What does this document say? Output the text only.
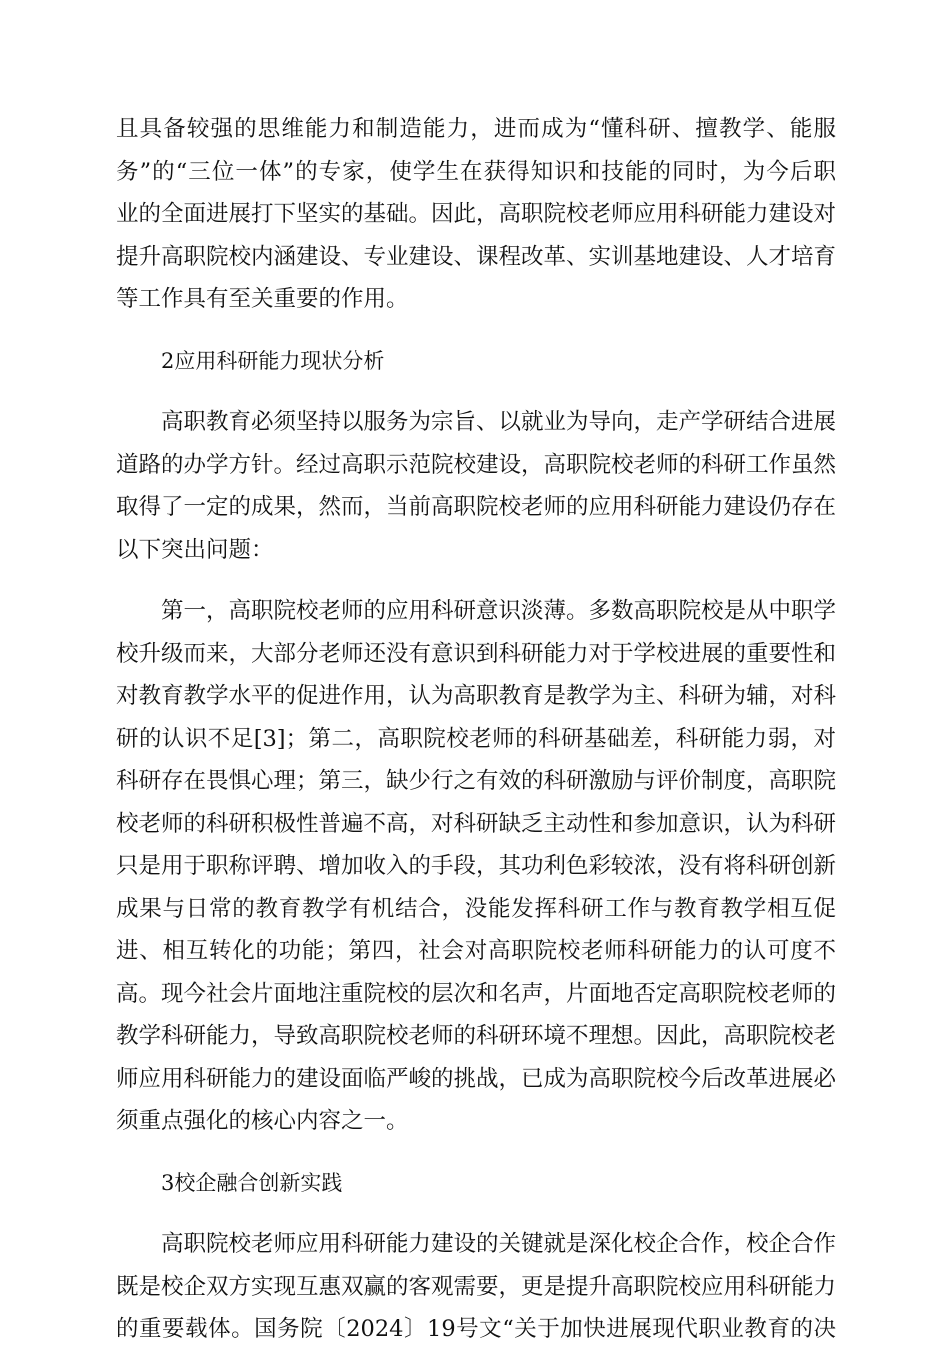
且具备较强的思维能力和制造能力，进而成为“懂科研、擅教学、能服
务”的“三位一体”的专家，使学生在获得知识和技能的同时，为今后职
业的全面进展打下坚实的基础。因此，高职院校老师应用科研能力建设对
提升高职院校内涵建设、专业建设、课程改革、实训基地建设、人才培育
等工作具有至关重要的作用。
2应用科研能力现状分析
高职教育必须坚持以服务为宗旨、以就业为导向，走产学研结合进展
道路的办学方针。经过高职示范院校建设，高职院校老师的科研工作虽然
取得了一定的成果，然而，当前高职院校老师的应用科研能力建设仍存在
以下突出问题：
第一，高职院校老师的应用科研意识淡薄。多数高职院校是从中职学
校升级而来，大部分老师还没有意识到科研能力对于学校进展的重要性和
对教育教学水平的促进作用，认为高职教育是教学为主、科研为辅，对科
研的认识不足[3]；第二，高职院校老师的科研基础差，科研能力弱，对
科研存在畏惧心理；第三，缺少行之有效的科研激励与评价制度，高职院
校老师的科研积极性普遍不高，对科研缺乏主动性和参加意识，认为科研
只是用于职称评聘、增加收入的手段，其功利色彩较浓，没有将科研创新
成果与日常的教育教学有机结合，没能发挥科研工作与教育教学相互促
进、相互转化的功能；第四，社会对高职院校老师科研能力的认可度不
高。现今社会片面地注重院校的层次和名声，片面地否定高职院校老师的
教学科研能力，导致高职院校老师的科研环境不理想。因此，高职院校老
师应用科研能力的建设面临严峻的挑战，已成为高职院校今后改革进展必
须重点强化的核心内容之一。
3校企融合创新实践
高职院校老师应用科研能力建设的关键就是深化校企合作，校企合作
既是校企双方实现互惠双赢的客观需要，更是提升高职院校应用科研能力
的重要载体。国务院〔2024〕19号文“关于加快进展现代职业教育的决
